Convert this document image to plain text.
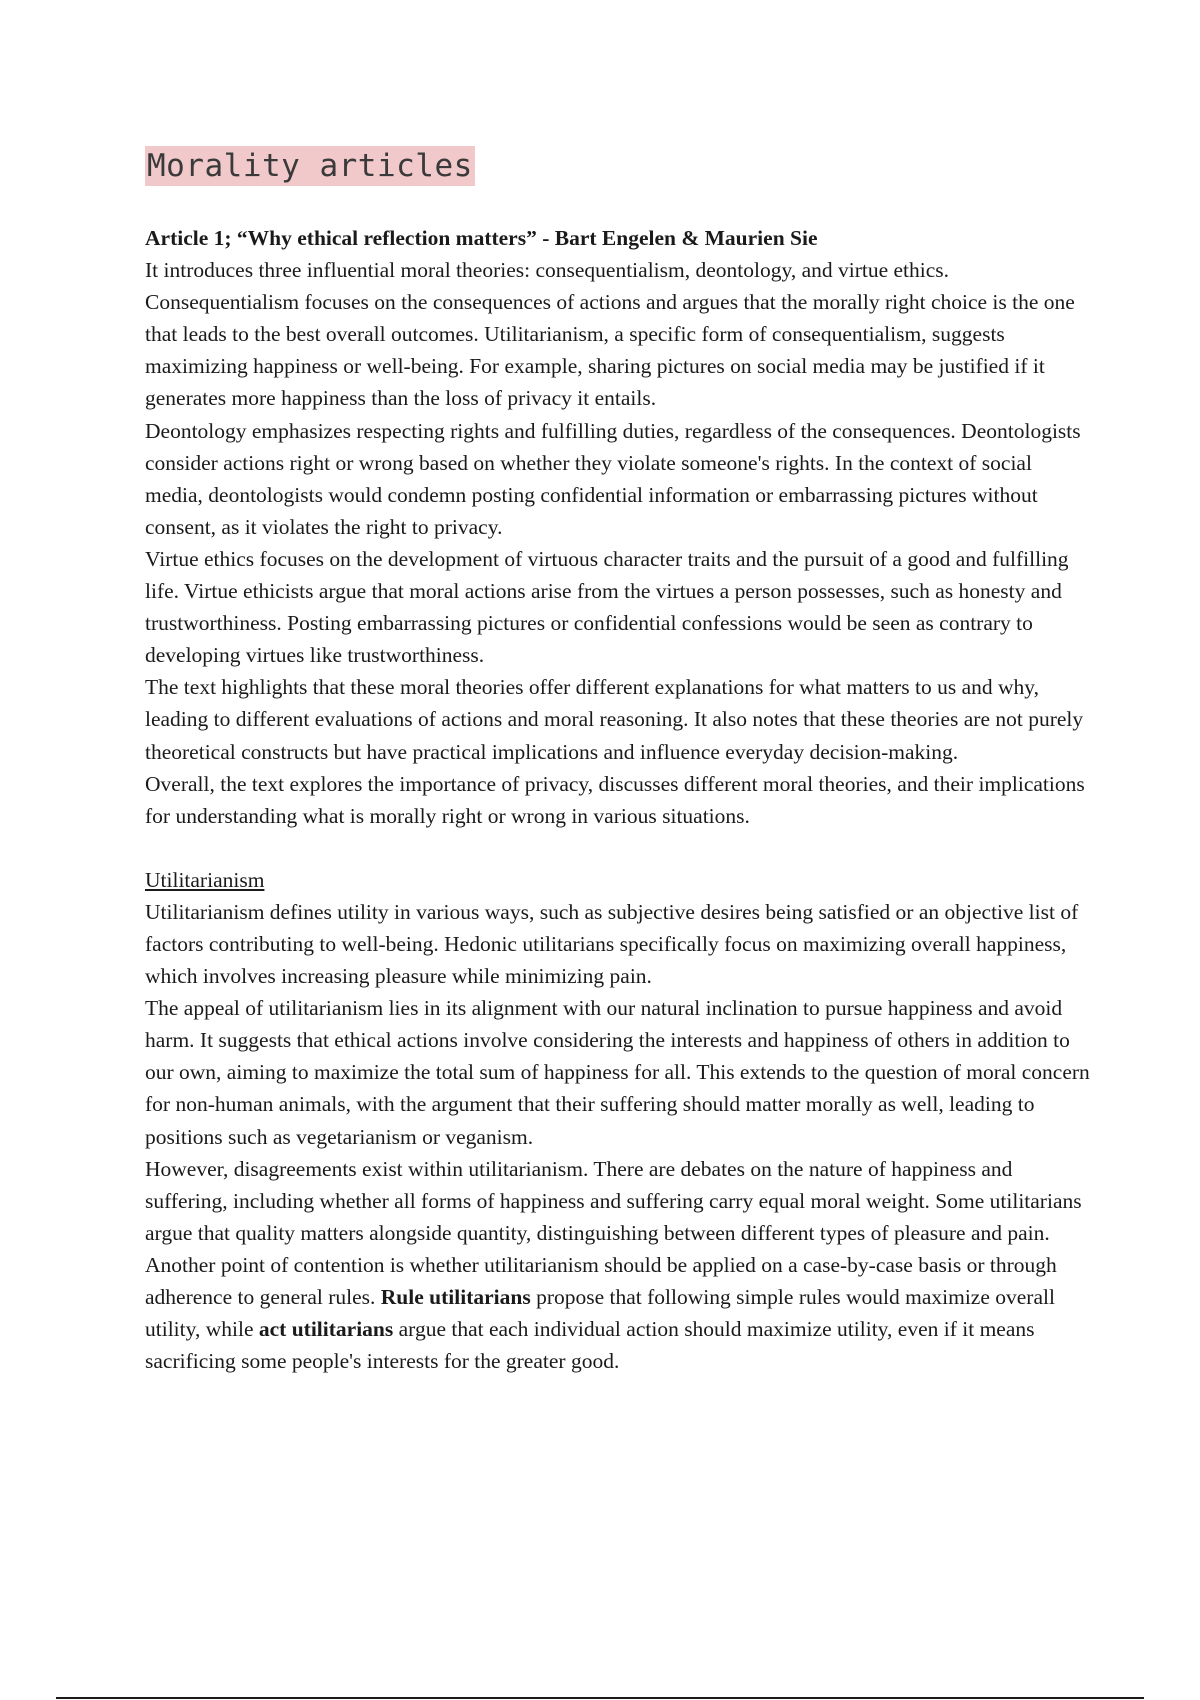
Morality articles

Article 1; “Why ethical reflection matters” - Bart Engelen & Maurien Sie

It introduces three influential moral theories: consequentialism, deontology, and virtue ethics. Consequentialism focuses on the consequences of actions and argues that the morally right choice is the one that leads to the best overall outcomes. Utilitarianism, a specific form of consequentialism, suggests maximizing happiness or well-being. For example, sharing pictures on social media may be justified if it generates more happiness than the loss of privacy it entails.

Deontology emphasizes respecting rights and fulfilling duties, regardless of the consequences. Deontologists consider actions right or wrong based on whether they violate someone's rights. In the context of social media, deontologists would condemn posting confidential information or embarrassing pictures without consent, as it violates the right to privacy.

Virtue ethics focuses on the development of virtuous character traits and the pursuit of a good and fulfilling life. Virtue ethicists argue that moral actions arise from the virtues a person possesses, such as honesty and trustworthiness. Posting embarrassing pictures or confidential confessions would be seen as contrary to developing virtues like trustworthiness.

The text highlights that these moral theories offer different explanations for what matters to us and why, leading to different evaluations of actions and moral reasoning. It also notes that these theories are not purely theoretical constructs but have practical implications and influence everyday decision-making.

Overall, the text explores the importance of privacy, discusses different moral theories, and their implications for understanding what is morally right or wrong in various situations.

Utilitarianism

Utilitarianism defines utility in various ways, such as subjective desires being satisfied or an objective list of factors contributing to well-being. Hedonic utilitarians specifically focus on maximizing overall happiness, which involves increasing pleasure while minimizing pain.

The appeal of utilitarianism lies in its alignment with our natural inclination to pursue happiness and avoid harm. It suggests that ethical actions involve considering the interests and happiness of others in addition to our own, aiming to maximize the total sum of happiness for all. This extends to the question of moral concern for non-human animals, with the argument that their suffering should matter morally as well, leading to positions such as vegetarianism or veganism.

However, disagreements exist within utilitarianism. There are debates on the nature of happiness and suffering, including whether all forms of happiness and suffering carry equal moral weight. Some utilitarians argue that quality matters alongside quantity, distinguishing between different types of pleasure and pain. Another point of contention is whether utilitarianism should be applied on a case-by-case basis or through adherence to general rules. Rule utilitarians propose that following simple rules would maximize overall utility, while act utilitarians argue that each individual action should maximize utility, even if it means sacrificing some people's interests for the greater good.
